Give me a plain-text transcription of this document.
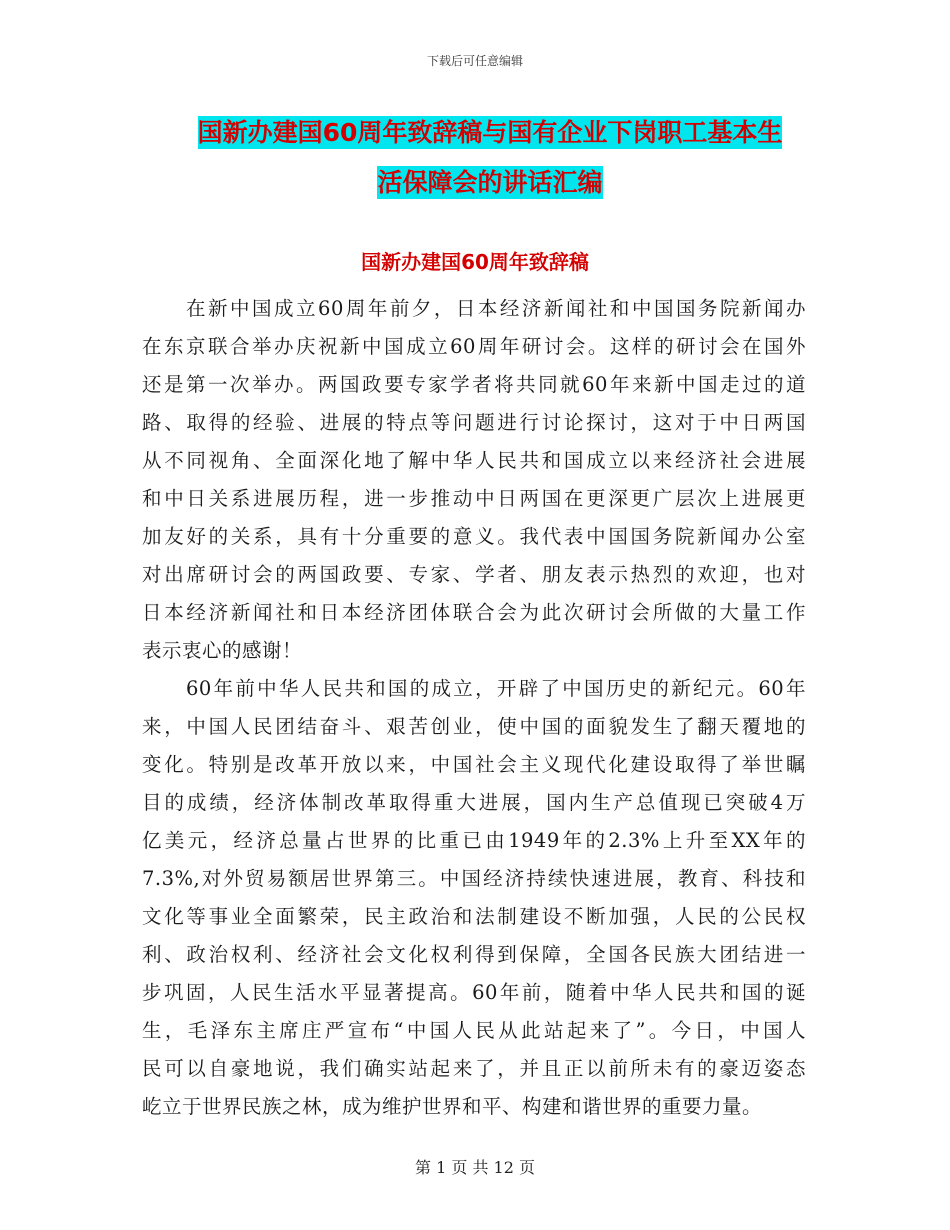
下载后可任意编辑
国新办建国60周年致辞稿与国有企业下岗职工基本生
活保障会的讲话汇编
国新办建国60周年致辞稿
在新中国成立60周年前夕，日本经济新闻社和中国国务院新闻办
在东京联合举办庆祝新中国成立60周年研讨会。这样的研讨会在国外
还是第一次举办。两国政要专家学者将共同就60年来新中国走过的道
路、取得的经验、进展的特点等问题进行讨论探讨，这对于中日两国
从不同视角、全面深化地了解中华人民共和国成立以来经济社会进展
和中日关系进展历程，进一步推动中日两国在更深更广层次上进展更
加友好的关系，具有十分重要的意义。我代表中国国务院新闻办公室
对出席研讨会的两国政要、专家、学者、朋友表示热烈的欢迎，也对
日本经济新闻社和日本经济团体联合会为此次研讨会所做的大量工作
表示衷心的感谢！
60年前中华人民共和国的成立，开辟了中国历史的新纪元。60年
来，中国人民团结奋斗、艰苦创业，使中国的面貌发生了翻天覆地的
变化。特别是改革开放以来，中国社会主义现代化建设取得了举世瞩
目的成绩，经济体制改革取得重大进展，国内生产总值现已突破4万
亿美元，经济总量占世界的比重已由1949年的2.3%上升至XX年的
7.3%,对外贸易额居世界第三。中国经济持续快速进展，教育、科技和
文化等事业全面繁荣，民主政治和法制建设不断加强，人民的公民权
利、政治权利、经济社会文化权利得到保障，全国各民族大团结进一
步巩固，人民生活水平显著提高。60年前，随着中华人民共和国的诞
生，毛泽东主席庄严宣布“中国人民从此站起来了”。今日，中国人
民可以自豪地说，我们确实站起来了，并且正以前所未有的豪迈姿态
屹立于世界民族之林，成为维护世界和平、构建和谐世界的重要力量。
第 1 页 共 12 页
